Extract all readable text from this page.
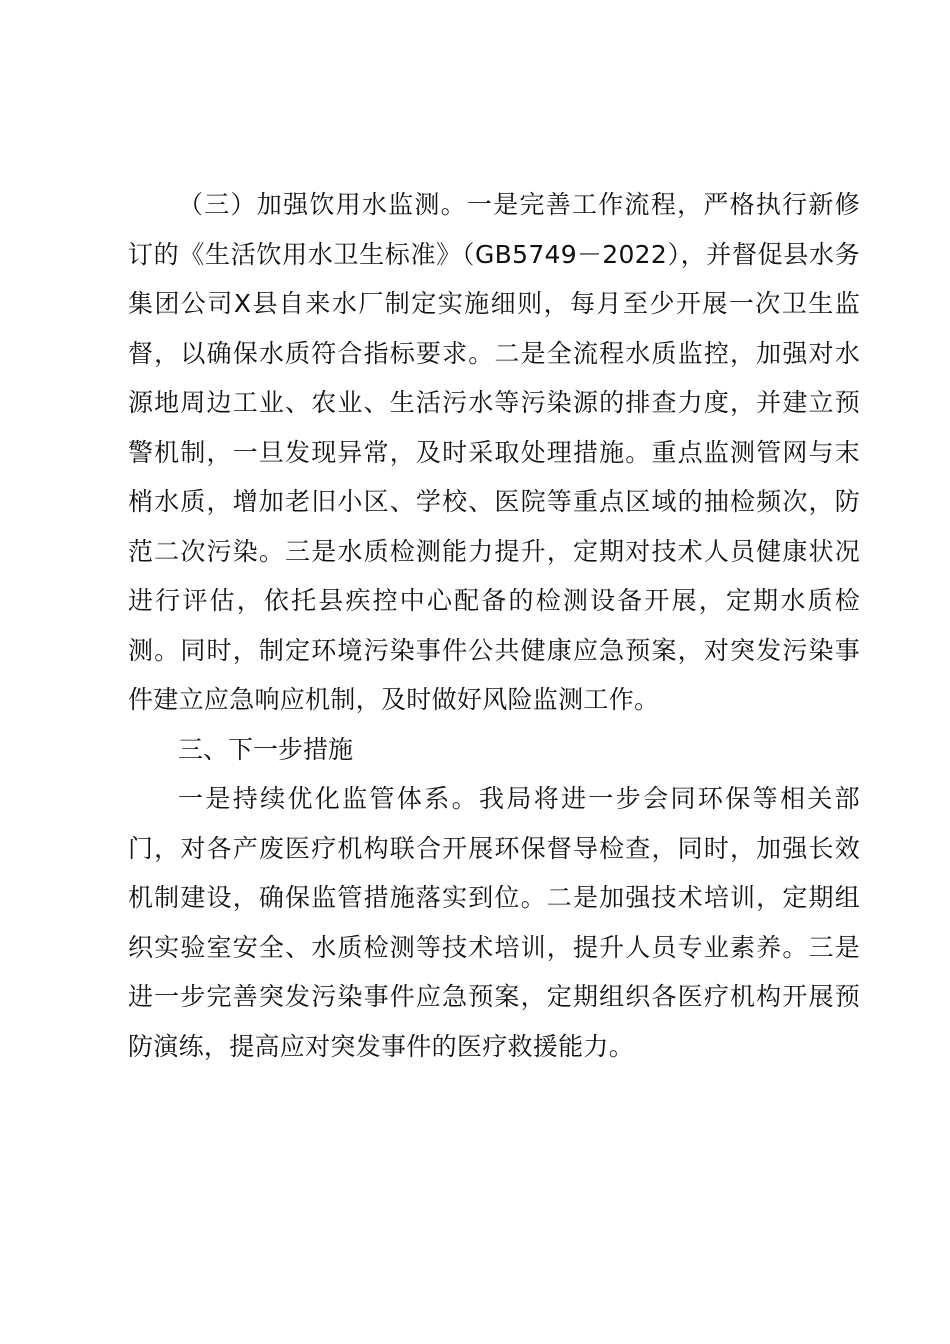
（三）加强饮用水监测。一是完善工作流程，严格执行新修订的《生活饮用水卫生标准》（GB5749－2022），并督促县水务集团公司X县自来水厂制定实施细则，每月至少开展一次卫生监督，以确保水质符合指标要求。二是全流程水质监控，加强对水源地周边工业、农业、生活污水等污染源的排查力度，并建立预警机制，一旦发现异常，及时采取处理措施。重点监测管网与末梢水质，增加老旧小区、学校、医院等重点区域的抽检频次，防范二次污染。三是水质检测能力提升，定期对技术人员健康状况进行评估，依托县疾控中心配备的检测设备开展，定期水质检测。同时，制定环境污染事件公共健康应急预案，对突发污染事件建立应急响应机制，及时做好风险监测工作。

三、下一步措施

一是持续优化监管体系。我局将进一步会同环保等相关部门，对各产废医疗机构联合开展环保督导检查，同时，加强长效机制建设，确保监管措施落实到位。二是加强技术培训，定期组织实验室安全、水质检测等技术培训，提升人员专业素养。三是进一步完善突发污染事件应急预案，定期组织各医疗机构开展预防演练，提高应对突发事件的医疗救援能力。
